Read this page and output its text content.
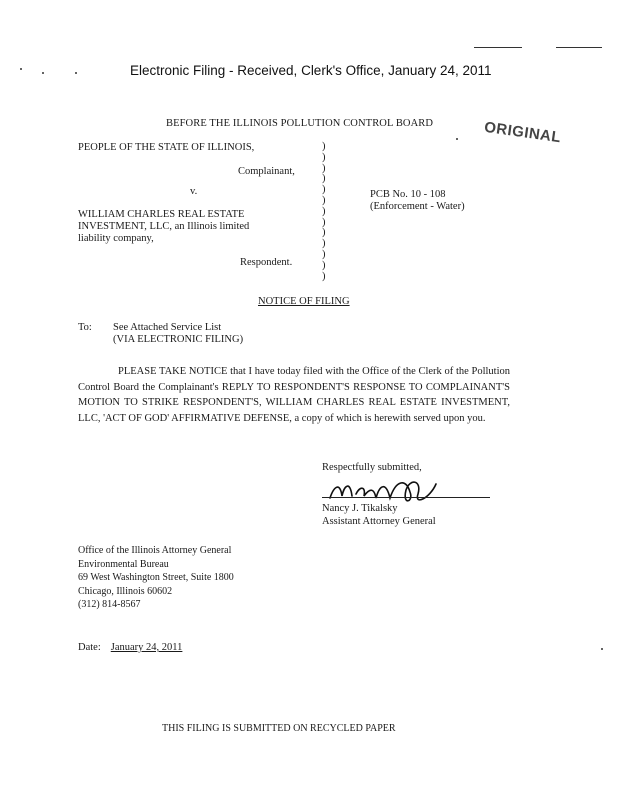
Electronic Filing - Received, Clerk's Office, January 24, 2011
BEFORE THE ILLINOIS POLLUTION CONTROL BOARD	ORIGINAL
PEOPLE OF THE STATE OF ILLINOIS,
Complainant,
v.
WILLIAM CHARLES REAL ESTATE
INVESTMENT, LLC, an Illinois limited
liability company,
Respondent.
PCB No. 10 - 108
(Enforcement - Water)
)
)
)
)
)
)
)
)
)
)
)
)
)
NOTICE OF FILING
To: See Attached Service List
(VIA ELECTRONIC FILING)
PLEASE TAKE NOTICE that I have today filed with the Office of the Clerk of the Pollution Control Board the Complainant's REPLY TO RESPONDENT'S RESPONSE TO COMPLAINANT'S MOTION TO STRIKE RESPONDENT'S, WILLIAM CHARLES REAL ESTATE INVESTMENT, LLC, 'ACT OF GOD' AFFIRMATIVE DEFENSE, a copy of which is herewith served upon you.
Respectfully submitted,
Nancy J. Tikalsky
Assistant Attorney General
Office of the Illinois Attorney General
Environmental Bureau
69 West Washington Street, Suite 1800
Chicago, Illinois 60602
(312) 814-8567
Date: January 24, 2011
THIS FILING IS SUBMITTED ON RECYCLED PAPER
